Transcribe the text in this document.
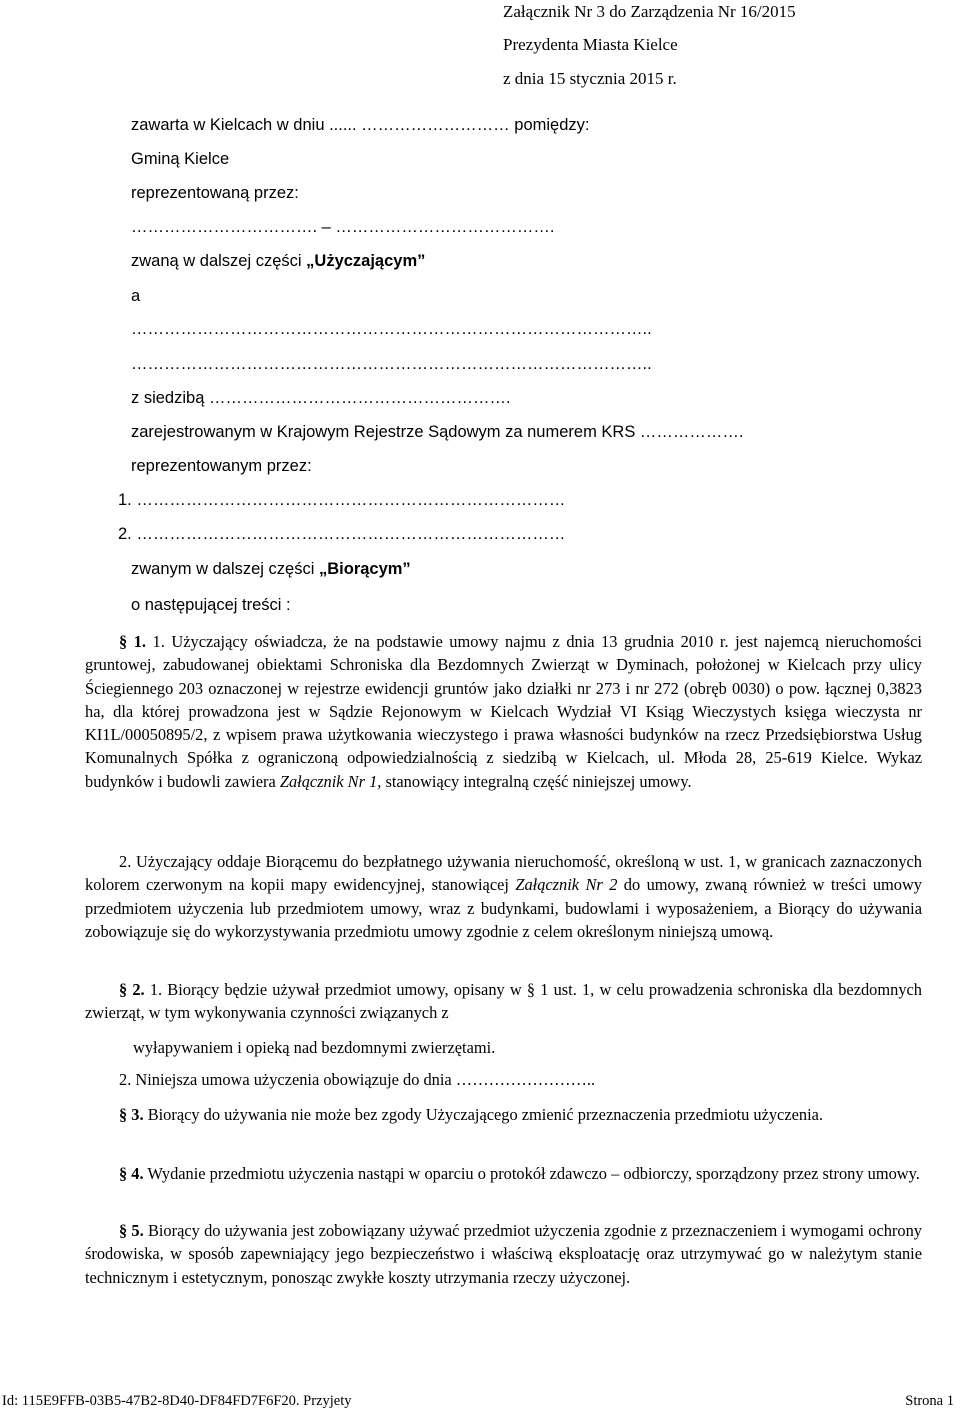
Załącznik Nr 3 do Zarządzenia Nr 16/2015
Prezydenta Miasta Kielce
z dnia 15 stycznia 2015 r.
zawarta w Kielcach w dniu ...... ……………………… pomiędzy:
Gminą Kielce
reprezentowaną przez:
……………………………. – ………………………………….
zwaną w dalszej części „Użyczającym”
a
…………………………………………………………………………………..
…………………………………………………………………………………..
z siedzibą ……………………………………………….
zarejestrowanym w Krajowym Rejestrze Sądowym za numerem KRS ……………….
reprezentowanym przez:
1. ……………………………………………………………………
2. ……………………………………………………………………
zwanym w dalszej części „Biorącym”
o następującej treści :
§ 1. 1. Użyczający oświadcza, że na podstawie umowy najmu z dnia 13 grudnia 2010 r. jest najemcą nieruchomości gruntowej, zabudowanej obiektami Schroniska dla Bezdomnych Zwierząt w Dyminach, położonej w Kielcach przy ulicy Ściegiennego 203 oznaczonej w rejestrze ewidencji gruntów jako działki nr 273 i nr 272 (obręb 0030) o pow. łącznej 0,3823 ha, dla której prowadzona jest w Sądzie Rejonowym w Kielcach Wydział VI Ksiąg Wieczystych księga wieczysta nr KI1L/00050895/2, z wpisem prawa użytkowania wieczystego i prawa własności budynków na rzecz Przedsiębiorstwa Usług Komunalnych Spółka z ograniczoną odpowiedzialnością z siedzibą w Kielcach, ul. Młoda 28, 25-619 Kielce. Wykaz budynków i budowli zawiera Załącznik Nr 1, stanowiący integralną część niniejszej umowy.
2. Użyczający oddaje Biorącemu do bezpłatnego używania nieruchomość, określoną w ust. 1, w granicach zaznaczonych kolorem czerwonym na kopii mapy ewidencyjnej, stanowiącej Załącznik Nr 2 do umowy, zwaną również w treści umowy przedmiotem użyczenia lub przedmiotem umowy, wraz z budynkami, budowlami i wyposażeniem, a Biorący do używania zobowiązuje się do wykorzystywania przedmiotu umowy zgodnie z celem określonym niniejszą umową.
§ 2. 1. Biorący będzie używał przedmiot umowy, opisany w § 1 ust. 1, w celu prowadzenia schroniska dla bezdomnych zwierząt, w tym wykonywania czynności związanych z
wyłapywaniem i opieką nad bezdomnymi zwierzętami.
2. Niniejsza umowa użyczenia obowiązuje do dnia ……………………..
§ 3. Biorący do używania nie może bez zgody Użyczającego zmienić przeznaczenia przedmiotu użyczenia.
§ 4. Wydanie przedmiotu użyczenia nastąpi w oparciu o protokół zdawczo – odbiorczy, sporządzony przez strony umowy.
§ 5. Biorący do używania jest zobowiązany używać przedmiot użyczenia zgodnie z przeznaczeniem i wymogami ochrony środowiska, w sposób zapewniający jego bezpieczeństwo i właściwą eksploatację oraz utrzymywać go w należytym stanie technicznym i estetycznym, ponosząc zwykłe koszty utrzymania rzeczy użyczonej.
Id: 115E9FFB-03B5-47B2-8D40-DF84FD7F6F20. Przyjety	Strona 1
